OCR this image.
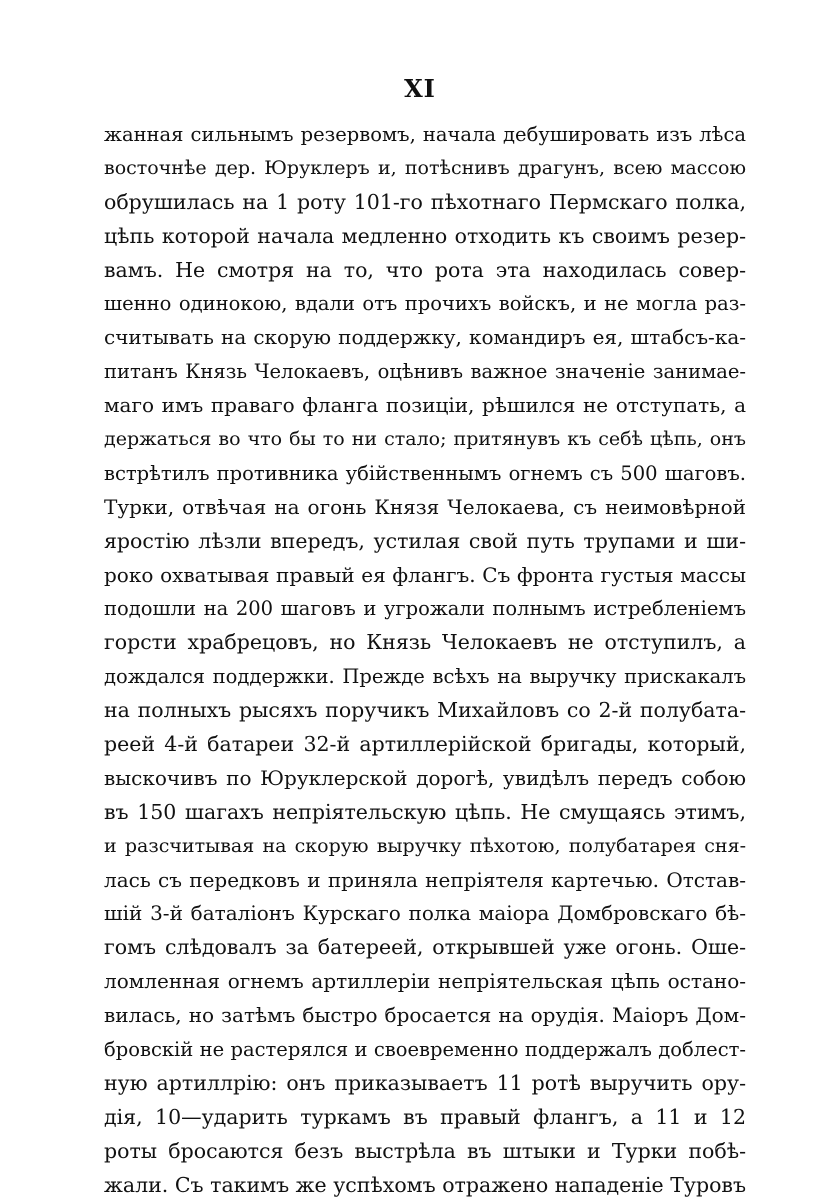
XI
жанная сильнымъ резервомъ, начала дебушировать изъ лѣса
восточнѣе дер. Юруклеръ и, потѣснивъ драгунъ, всею массою
обрушилась на 1 роту 101-го пѣхотнаго Пермскаго полка,
цѣпь которой начала медленно отходить къ своимъ резер-
вамъ. Не смотря на то, что рота эта находилась совер-
шенно одинокою, вдали отъ прочихъ войскъ, и не могла раз-
считывать на скорую поддержку, командиръ ея, штабсъ-ка-
питанъ Князь Челокаевъ, оцѣнивъ важное значенiе занимае-
маго имъ праваго фланга позицiи, рѣшился не отступать, а
держаться во что бы то ни стало; притянувъ къ себѣ цѣпь, онъ
встрѣтилъ противника убiйственнымъ огнемъ съ 500 шаговъ.
Турки, отвѣчая на огонь Князя Челокаева, съ неимовѣрной
яростiю лѣзли впередъ, устилая свой путь трупами и ши-
роко охватывая правый ея флангъ. Съ фронта густыя массы
подошли на 200 шаговъ и угрожали полнымъ истребленiемъ
горсти храбрецовъ, но Князь Челокаевъ не отступилъ, а
дождался поддержки. Прежде всѣхъ на выручку прискакалъ
на полныхъ рысяхъ поручикъ Михайловъ со 2-й полубата-
реей 4-й батареи 32-й артиллерiйской бригады, который,
выскочивъ по Юруклерской дорогѣ, увидѣлъ передъ собою
въ 150 шагахъ непрiятельскую цѣпь. Не смущаясь этимъ,
и разсчитывая на скорую выручку пѣхотою, полубатарея сня-
лась съ передковъ и приняла непрiятеля картечью. Отстав-
шiй 3-й баталiонъ Курскаго полка маiора Домбровскаго бѣ-
гомъ слѣдовалъ за батереей, открывшей уже огонь. Оше-
ломленная огнемъ артиллерiи непрiятельская цѣпь остано-
вилась, но затѣмъ быстро бросается на орудiя. Маiоръ Дом-
бровскiй не растерялся и своевременно поддержалъ доблест-
ную артиллрiю: онъ приказываетъ 11 ротѣ выручить ору-
дiя, 10—ударить туркамъ въ правый флангъ, а 11 и 12
роты бросаются безъ выстрѣла въ штыки и Турки побѣ-
жали. Съ такимъ же успѣхомъ отражено нападенiе Туровъ
